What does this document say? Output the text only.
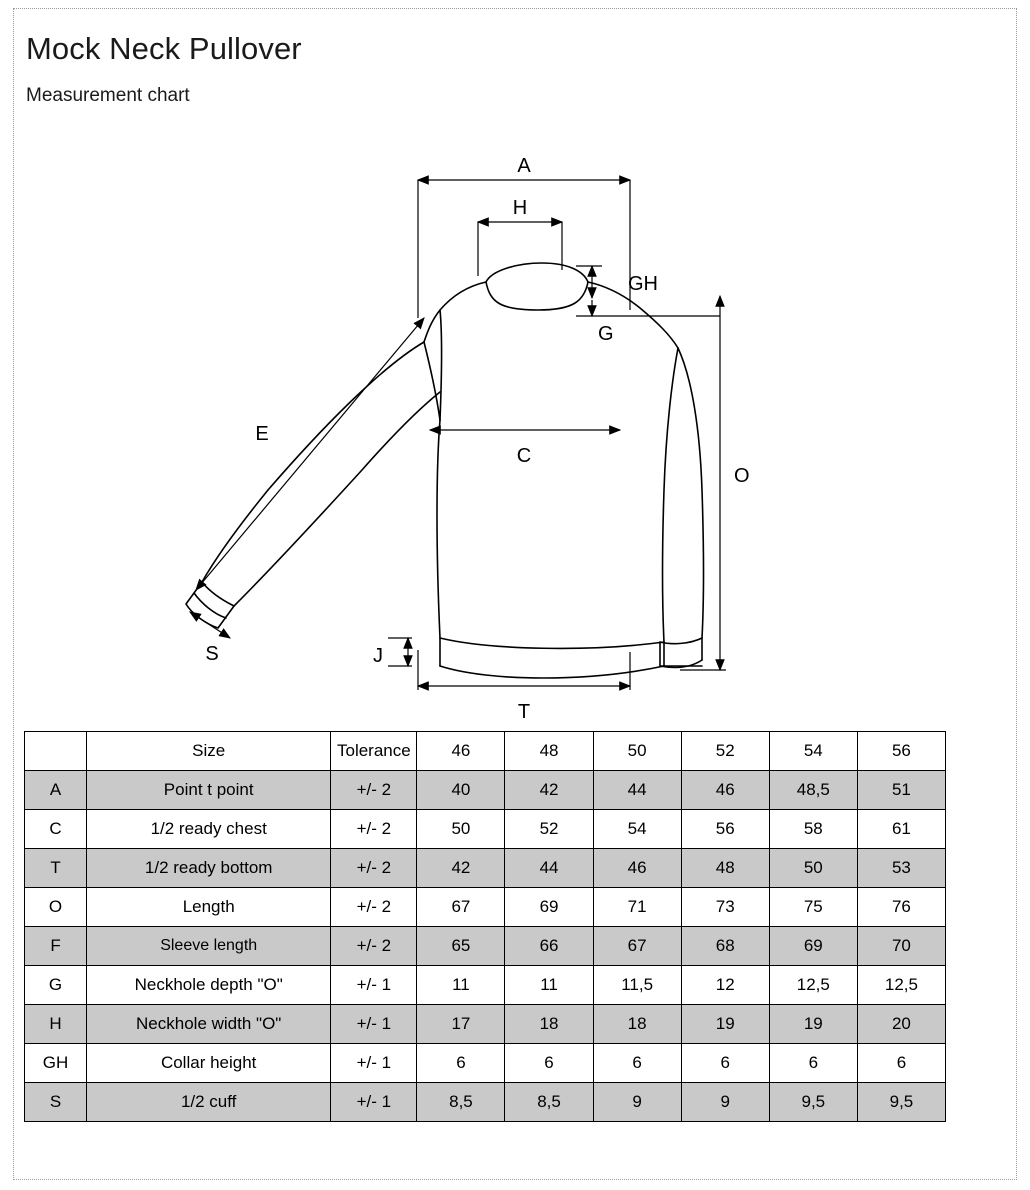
Mock Neck Pullover
Measurement chart
A
H
GH
G
E
C
O
S	J
T
	Size	Tolerance	46	48	50	52	54	56
A	Point t point	+/- 2	40	42	44	46	48,5	51
C	1/2 ready chest	+/- 2	50	52	54	56	58	61
T	1/2 ready bottom	+/- 2	42	44	46	48	50	53
O	Length	+/- 2	67	69	71	73	75	76
F	Sleeve length	+/- 2	65	66	67	68	69	70
G	Neckhole depth "O"	+/- 1	11	11	11,5	12	12,5	12,5
H	Neckhole width "O"	+/- 1	17	18	18	19	19	20
GH	Collar height	+/- 1	6	6	6	6	6	6
S	1/2 cuff	+/- 1	8,5	8,5	9	9	9,5	9,5
